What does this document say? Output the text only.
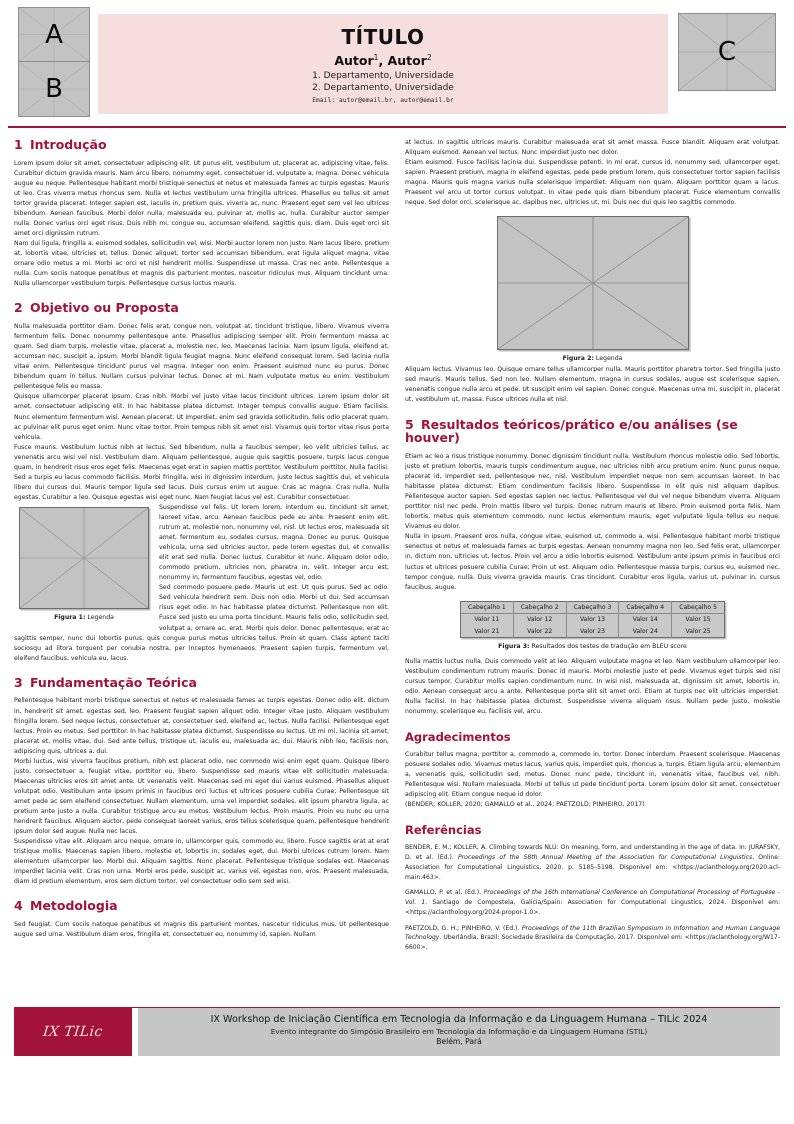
A
B
TÍTULO
Autor$^1$, Autor$^2$
1. Departamento, Universidade
2. Departamento, Universidade
Email: autor@email.br, autor@email.br
C
1 Introdução

Lorem ipsum dolor sit amet, consectetuer adipiscing elit. Ut purus elit, vestibulum ut, placerat ac, adipiscing vitae, felis. Curabitur dictum gravida mauris. Nam arcu libero, nonummy eget, consectetuer id, vulputate a, magna. Donec vehicula augue eu neque. Pellentesque habitant morbi tristique senectus et netus et malesuada fames ac turpis egestas. Mauris ut leo. Cras viverra metus rhoncus sem. Nulla et lectus vestibulum urna fringilla ultrices. Phasellus eu tellus sit amet tortor gravida placerat. Integer sapien est, iaculis in, pretium quis, viverra ac, nunc. Praesent eget sem vel leo ultrices bibendum. Aenean faucibus. Morbi dolor nulla, malesuada eu, pulvinar at, mollis ac, nulla. Curabitur auctor semper nulla. Donec varius orci eget risus. Duis nibh mi, congue eu, accumsan eleifend, sagittis quis, diam. Duis eget orci sit amet orci dignissim rutrum.

Nam dui ligula, fringilla a, euismod sodales, sollicitudin vel, wisi. Morbi auctor lorem non justo. Nam lacus libero, pretium at, lobortis vitae, ultricies et, tellus. Donec aliquet, tortor sed accumsan bibendum, erat ligula aliquet magna, vitae ornare odio metus a mi. Morbi ac orci et nisl hendrerit mollis. Suspendisse ut massa. Cras nec ante. Pellentesque a nulla. Cum sociis natoque penatibus et magnis dis parturient montes, nascetur ridiculus mus. Aliquam tincidunt urna. Nulla ullamcorper vestibulum turpis. Pellentesque cursus luctus mauris.

2 Objetivo ou Proposta

Nulla malesuada porttitor diam. Donec felis erat, congue non, volutpat at, tincidunt tristique, libero. Vivamus viverra fermentum felis. Donec nonummy pellentesque ante. Phasellus adipiscing semper elit. Proin fermentum massa ac quam. Sed diam turpis, molestie vitae, placerat a, molestie nec, leo. Maecenas lacinia. Nam ipsum ligula, eleifend at, accumsan nec, suscipit a, ipsum. Morbi blandit ligula feugiat magna. Nunc eleifend consequat lorem. Sed lacinia nulla vitae enim. Pellentesque tincidunt purus vel magna. Integer non enim. Praesent euismod nunc eu purus. Donec bibendum quam in tellus. Nullam cursus pulvinar lectus. Donec et mi. Nam vulputate metus eu enim. Vestibulum pellentesque felis eu massa.

Quisque ullamcorper placerat ipsum. Cras nibh. Morbi vel justo vitae lacus tincidunt ultrices. Lorem ipsum dolor sit amet, consectetuer adipiscing elit. In hac habitasse platea dictumst. Integer tempus convallis augue. Etiam facilisis. Nunc elementum fermentum wisi. Aenean placerat. Ut imperdiet, enim sed gravida sollicitudin, felis odio placerat quam, ac pulvinar elit purus eget enim. Nunc vitae tortor. Proin tempus nibh sit amet nisl. Vivamus quis tortor vitae risus porta vehicula.

Fusce mauris. Vestibulum luctus nibh at lectus. Sed bibendum, nulla a faucibus semper, leo velit ultricies tellus, ac venenatis arcu wisi vel nisl. Vestibulum diam. Aliquam pellentesque, augue quis sagittis posuere, turpis lacus congue quam, in hendrerit risus eros eget felis. Maecenas eget erat in sapien mattis porttitor. Vestibulum porttitor. Nulla facilisi. Sed a turpis eu lacus commodo facilisis. Morbi fringilla, wisi in dignissim interdum, justo lectus sagittis dui, et vehicula libero dui cursus dui. Mauris tempor ligula sed lacus. Duis cursus enim ut augue. Cras ac magna. Cras nulla. Nulla egestas. Curabitur a leo. Quisque egestas wisi eget nunc. Nam feugiat lacus vel est. Curabitur consectetuer.

Figura 1: Legenda

Suspendisse vel felis. Ut lorem lorem, interdum eu, tincidunt sit amet, laoreet vitae, arcu. Aenean faucibus pede eu ante. Praesent enim elit, rutrum at, molestie non, nonummy vel, nisl. Ut lectus eros, malesuada sit amet, fermentum eu, sodales cursus, magna. Donec eu purus. Quisque vehicula, urna sed ultricies auctor, pede lorem egestas dui, et convallis elit erat sed nulla. Donec luctus. Curabitur et nunc. Aliquam dolor odio, commodo pretium, ultricies non, pharetra in, velit. Integer arcu est, nonummy in, fermentum faucibus, egestas vel, odio.

Sed commodo posuere pede. Mauris ut est. Ut quis purus. Sed ac odio. Sed vehicula hendrerit sem. Duis non odio. Morbi ut dui. Sed accumsan risus eget odio. In hac habitasse platea dictumst. Pellentesque non elit. Fusce sed justo eu urna porta tincidunt. Mauris felis odio, sollicitudin sed, volutpat a, ornare ac, erat. Morbi quis dolor. Donec pellentesque, erat ac sagittis semper, nunc dui lobortis purus, quis congue purus metus ultricies tellus. Proin et quam. Class aptent taciti sociosqu ad litora torquent per conubia nostra, per inceptos hymenaeos. Praesent sapien turpis, fermentum vel, eleifend faucibus, vehicula eu, lacus.

3 Fundamentação Teórica

Pellentesque habitant morbi tristique senectus et netus et malesuada fames ac turpis egestas. Donec odio elit, dictum in, hendrerit sit amet, egestas sed, leo. Praesent feugiat sapien aliquet odio. Integer vitae justo. Aliquam vestibulum fringilla lorem. Sed neque lectus, consectetuer at, consectetuer sed, eleifend ac, lectus. Nulla facilisi. Pellentesque eget lectus. Proin eu metus. Sed porttitor. In hac habitasse platea dictumst. Suspendisse eu lectus. Ut mi mi, lacinia sit amet, placerat et, mollis vitae, dui. Sed ante tellus, tristique ut, iaculis eu, malesuada ac, dui. Mauris nibh leo, facilisis non, adipiscing quis, ultrices a, dui.

Morbi luctus, wisi viverra faucibus pretium, nibh est placerat odio, nec commodo wisi enim eget quam. Quisque libero justo, consectetuer a, feugiat vitae, porttitor eu, libero. Suspendisse sed mauris vitae elit sollicitudin malesuada. Maecenas ultricies eros sit amet ante. Ut venenatis velit. Maecenas sed mi eget dui varius euismod. Phasellus aliquet volutpat odio. Vestibulum ante ipsum primis in faucibus orci luctus et ultrices posuere cubilia Curae; Pellentesque sit amet pede ac sem eleifend consectetuer. Nullam elementum, urna vel imperdiet sodales, elit ipsum pharetra ligula, ac pretium ante justo a nulla. Curabitur tristique arcu eu metus. Vestibulum lectus. Proin mauris. Proin eu nunc eu urna hendrerit faucibus. Aliquam auctor, pede consequat laoreet varius, eros tellus scelerisque quam, pellentesque hendrerit ipsum dolor sed augue. Nulla nec lacus.

Suspendisse vitae elit. Aliquam arcu neque, ornare in, ullamcorper quis, commodo eu, libero. Fusce sagittis erat at erat tristique mollis. Maecenas sapien libero, molestie et, lobortis in, sodales eget, dui. Morbi ultrices rutrum lorem. Nam elementum ullamcorper leo. Morbi dui. Aliquam sagittis. Nunc placerat. Pellentesque tristique sodales est. Maecenas imperdiet lacinia velit. Cras non urna. Morbi eros pede, suscipit ac, varius vel, egestas non, eros. Praesent malesuada, diam id pretium elementum, eros sem dictum tortor, vel consectetuer odio sem sed wisi.

4 Metodologia

Sed feugiat. Cum sociis natoque penatibus et magnis dis parturient montes, nascetur ridiculus mus. Ut pellentesque augue sed urna. Vestibulum diam eros, fringilla et, consectetuer eu, nonummy id, sapien. Nullam

at lectus. In sagittis ultrices mauris. Curabitur malesuada erat sit amet massa. Fusce blandit. Aliquam erat volutpat. Aliquam euismod. Aenean vel lectus. Nunc imperdiet justo nec dolor.

Etiam euismod. Fusce facilisis lacinia dui. Suspendisse potenti. In mi erat, cursus id, nonummy sed, ullamcorper eget, sapien. Praesent pretium, magna in eleifend egestas, pede pede pretium lorem, quis consectetuer tortor sapien facilisis magna. Mauris quis magna varius nulla scelerisque imperdiet. Aliquam non quam. Aliquam porttitor quam a lacus. Praesent vel arcu ut tortor cursus volutpat. In vitae pede quis diam bibendum placerat. Fusce elementum convallis neque. Sed dolor orci, scelerisque ac, dapibus nec, ultricies ut, mi. Duis nec dui quis leo sagittis commodo.

Figura 2: Legenda

Aliquam lectus. Vivamus leo. Quisque ornare tellus ullamcorper nulla. Mauris porttitor pharetra tortor. Sed fringilla justo sed mauris. Mauris tellus. Sed non leo. Nullam elementum, magna in cursus sodales, augue est scelerisque sapien, venenatis congue nulla arcu et pede. Ut suscipit enim vel sapien. Donec congue. Maecenas urna mi, suscipit in, placerat ut, vestibulum ut, massa. Fusce ultrices nulla et nisl.

5 Resultados teóricos/prático e/ou análises (se houver)

Etiam ac leo a risus tristique nonummy. Donec dignissim tincidunt nulla. Vestibulum rhoncus molestie odio. Sed lobortis, justo et pretium lobortis, mauris turpis condimentum augue, nec ultricies nibh arcu pretium enim. Nunc purus neque, placerat id, imperdiet sed, pellentesque nec, nisl. Vestibulum imperdiet neque non sem accumsan laoreet. In hac habitasse platea dictumst. Etiam condimentum facilisis libero. Suspendisse in elit quis nisl aliquam dapibus. Pellentesque auctor sapien. Sed egestas sapien nec lectus. Pellentesque vel dui vel neque bibendum viverra. Aliquam porttitor nisl nec pede. Proin mattis libero vel turpis. Donec rutrum mauris et libero. Proin euismod porta felis. Nam lobortis, metus quis elementum commodo, nunc lectus elementum mauris, eget vulputate ligula tellus eu neque. Vivamus eu dolor.

Nulla in ipsum. Praesent eros nulla, congue vitae, euismod ut, commodo a, wisi. Pellentesque habitant morbi tristique senectus et netus et malesuada fames ac turpis egestas. Aenean nonummy magna non leo. Sed felis erat, ullamcorper in, dictum non, ultricies ut, lectus. Proin vel arcu a odio lobortis euismod. Vestibulum ante ipsum primis in faucibus orci luctus et ultrices posuere cubilia Curae; Proin ut est. Aliquam odio. Pellentesque massa turpis, cursus eu, euismod nec, tempor congue, nulla. Duis viverra gravida mauris. Cras tincidunt. Curabitur eros ligula, varius ut, pulvinar in, cursus faucibus, augue.

Cabeçalho 1	Cabeçalho 2	Cabeçalho 3	Cabeçalho 4	Cabeçalho 5
Valor 11	Valor 12	Valor 13	Valor 14	Valor 15
Valor 21	Valor 22	Valor 23	Valor 24	Valor 25
Figura 3: Resultados dos testes de tradução em BLEU score

Nulla mattis luctus nulla. Duis commodo velit at leo. Aliquam vulputate magna et leo. Nam vestibulum ullamcorper leo. Vestibulum condimentum rutrum mauris. Donec id mauris. Morbi molestie justo et pede. Vivamus eget turpis sed nisl cursus tempor. Curabitur mollis sapien condimentum nunc. In wisi nisl, malesuada at, dignissim sit amet, lobortis in, odio. Aenean consequat arcu a ante. Pellentesque porta elit sit amet orci. Etiam at turpis nec elit ultricies imperdiet. Nulla facilisi. In hac habitasse platea dictumst. Suspendisse viverra aliquam risus. Nullam pede justo, molestie nonummy, scelerisque eu, facilisis vel, arcu.

Agradecimentos

Curabitur tellus magna, porttitor a, commodo a, commodo in, tortor. Donec interdum. Praesent scelerisque. Maecenas posuere sodales odio. Vivamus metus lacus, varius quis, imperdiet quis, rhoncus a, turpis. Etiam ligula arcu, elementum a, venenatis quis, sollicitudin sed, metus. Donec nunc pede, tincidunt in, venenatis vitae, faucibus vel, nibh. Pellentesque wisi. Nullam malesuada. Morbi ut tellus ut pede tincidunt porta. Lorem ipsum dolor sit amet, consectetuer adipiscing elit. Etiam congue neque id dolor.

(BENDER; KOLLER, 2020; GAMALLO et al., 2024; PAETZOLD; PINHEIRO, 2017)

Referências

BENDER, E. M.; KOLLER, A. Climbing towards NLU: On meaning, form, and understanding in the age of data. In: JURAFSKY, D. et al. (Ed.). Proceedings of the 58th Annual Meeting of the Association for Computational Linguistics. Online: Association for Computational Linguistics, 2020. p. 5185–5198. Disponível em: <https://aclanthology.org/2020.acl-main.463>.

GAMALLO, P. et al. (Ed.). Proceedings of the 16th International Conference on Computational Processing of Portuguese - Vol. 1. Santiago de Compostela, Galicia/Spain: Association for Computational Lingustics, 2024. Disponível em: <https://aclanthology.org/2024.propor-1.0>.

PAETZOLD, G. H.; PINHEIRO, V. (Ed.). Proceedings of the 11th Brazilian Symposium in Information and Human Language Technology. Uberlândia, Brazil: Sociedade Brasileira de Computação, 2017. Disponível em: <https://aclanthology.org/W17-6600>.

IX TILic
IX Workshop de Iniciação Científica em Tecnologia da Informação e da Linguagem Humana – TILic 2024
Evento integrante do Simpósio Brasileiro em Tecnologia da Informação e da Linguagem Humana (STIL)
Belém, Pará
